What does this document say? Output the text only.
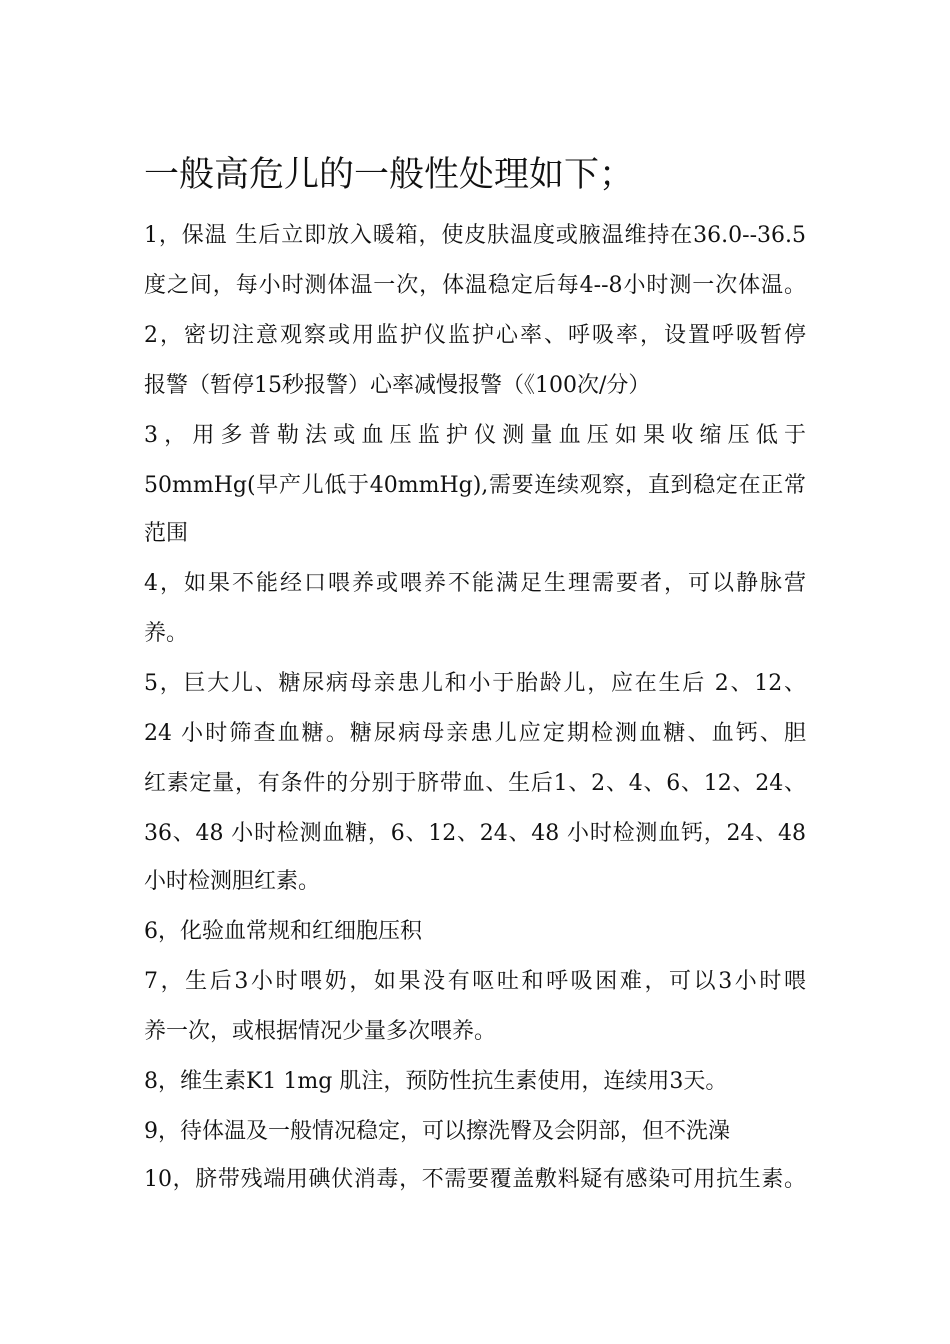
一般高危儿的一般性处理如下；

1，保温 生后立即放入暖箱，使皮肤温度或腋温维持在36.0--36.5

度之间，每小时测体温一次，体温稳定后每4--8小时测一次体温。

2，密切注意观察或用监护仪监护心率、呼吸率，设置呼吸暂停

报警（暂停15秒报警）心率减慢报警（《100次/分）

3，用多普勒法或血压监护仪测量血压如果收缩压低于

50mmHg(早产儿低于40mmHg),需要连续观察，直到稳定在正常

范围

4，如果不能经口喂养或喂养不能满足生理需要者，可以静脉营

养。

5，巨大儿、糖尿病母亲患儿和小于胎龄儿，应在生后 2、12、

24 小时筛查血糖。糖尿病母亲患儿应定期检测血糖、血钙、胆

红素定量，有条件的分别于脐带血、生后1、2、4、6、12、24、

36、48 小时检测血糖，6、12、24、48 小时检测血钙，24、48

小时检测胆红素。

6，化验血常规和红细胞压积

7，生后3小时喂奶，如果没有呕吐和呼吸困难，可以3小时喂

养一次，或根据情况少量多次喂养。

8，维生素K1 1mg 肌注，预防性抗生素使用，连续用3天。

9，待体温及一般情况稳定，可以擦洗臀及会阴部，但不洗澡

10，脐带残端用碘伏消毒，不需要覆盖敷料疑有感染可用抗生素。
